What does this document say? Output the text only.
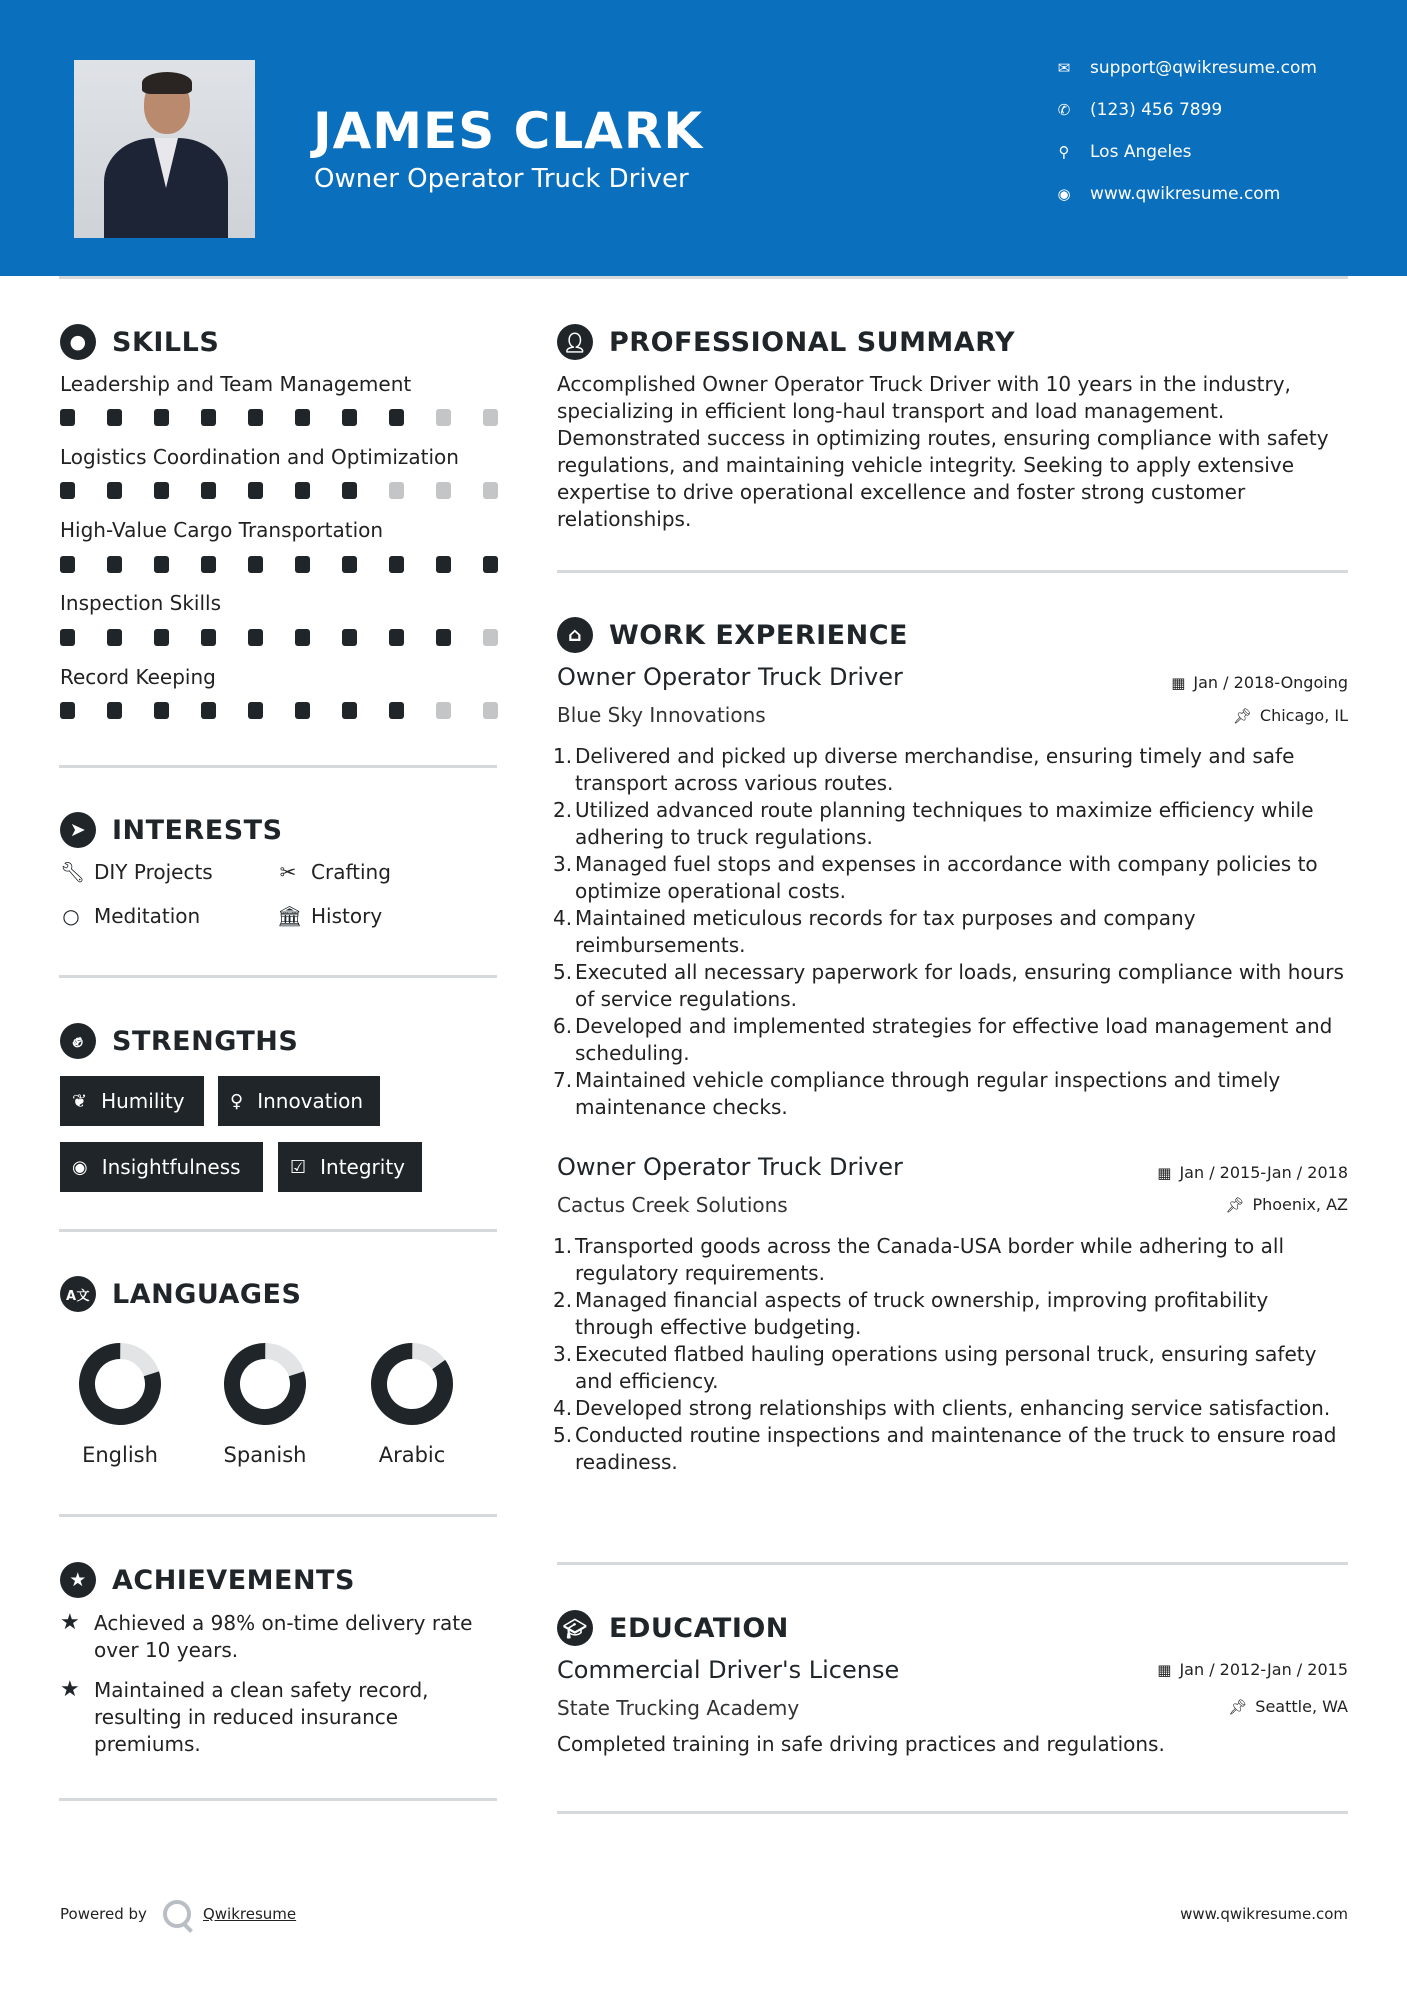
JAMES CLARK
Owner Operator Truck Driver
✉ support@qwikresume.com
✆ (123) 456 7899
⚲ Los Angeles
◉ www.qwikresume.com
● SKILLS
Leadership and Team Management
Logistics Coordination and Optimization
High-Value Cargo Transportation
Inspection Skills
Record Keeping
➤ INTERESTS
🔧︎ DIY Projects	✂ Crafting
○ Meditation	🏛︎ History
✊︎	STRENGTHS
❦ Humility	♀ Innovation
◉ Insightfulness	☑ Integrity
A文 LANGUAGES
English	Spanish	Arabic
★ ACHIEVEMENTS
★ Achieved a 98% on-time delivery rate over 10 years.
★ Maintained a clean safety record, resulting in reduced insurance premiums.
👤︎ PROFESSIONAL SUMMARY
Accomplished Owner Operator Truck Driver with 10 years in the industry, specializing in efficient long-haul transport and load management. Demonstrated success in optimizing routes, ensuring compliance with safety regulations, and maintaining vehicle integrity. Seeking to apply extensive expertise to drive operational excellence and foster strong customer relationships.
⌂ WORK EXPERIENCE
Owner Operator Truck Driver	▦ Jan / 2018-Ongoing
Blue Sky Innovations	📌︎ Chicago, IL
Delivered and picked up diverse merchandise, ensuring timely and safe transport across various routes.
Utilized advanced route planning techniques to maximize efficiency while adhering to truck regulations.
Managed fuel stops and expenses in accordance with company policies to optimize operational costs.
Maintained meticulous records for tax purposes and company reimbursements.
Executed all necessary paperwork for loads, ensuring compliance with hours of service regulations.
Developed and implemented strategies for effective load management and scheduling.
Maintained vehicle compliance through regular inspections and timely maintenance checks.
Owner Operator Truck Driver	▦ Jan / 2015-Jan / 2018
Cactus Creek Solutions	📌︎ Phoenix, AZ
Transported goods across the Canada-USA border while adhering to all regulatory requirements.
Managed financial aspects of truck ownership, improving profitability through effective budgeting.
Executed flatbed hauling operations using personal truck, ensuring safety and efficiency.
Developed strong relationships with clients, enhancing service satisfaction.
Conducted routine inspections and maintenance of the truck to ensure road readiness.
🎓︎ EDUCATION
Commercial Driver's License	▦ Jan / 2012-Jan / 2015
State Trucking Academy	📌︎ Seattle, WA
Completed training in safe driving practices and regulations.
Powered by	Qwikresume	www.qwikresume.com
